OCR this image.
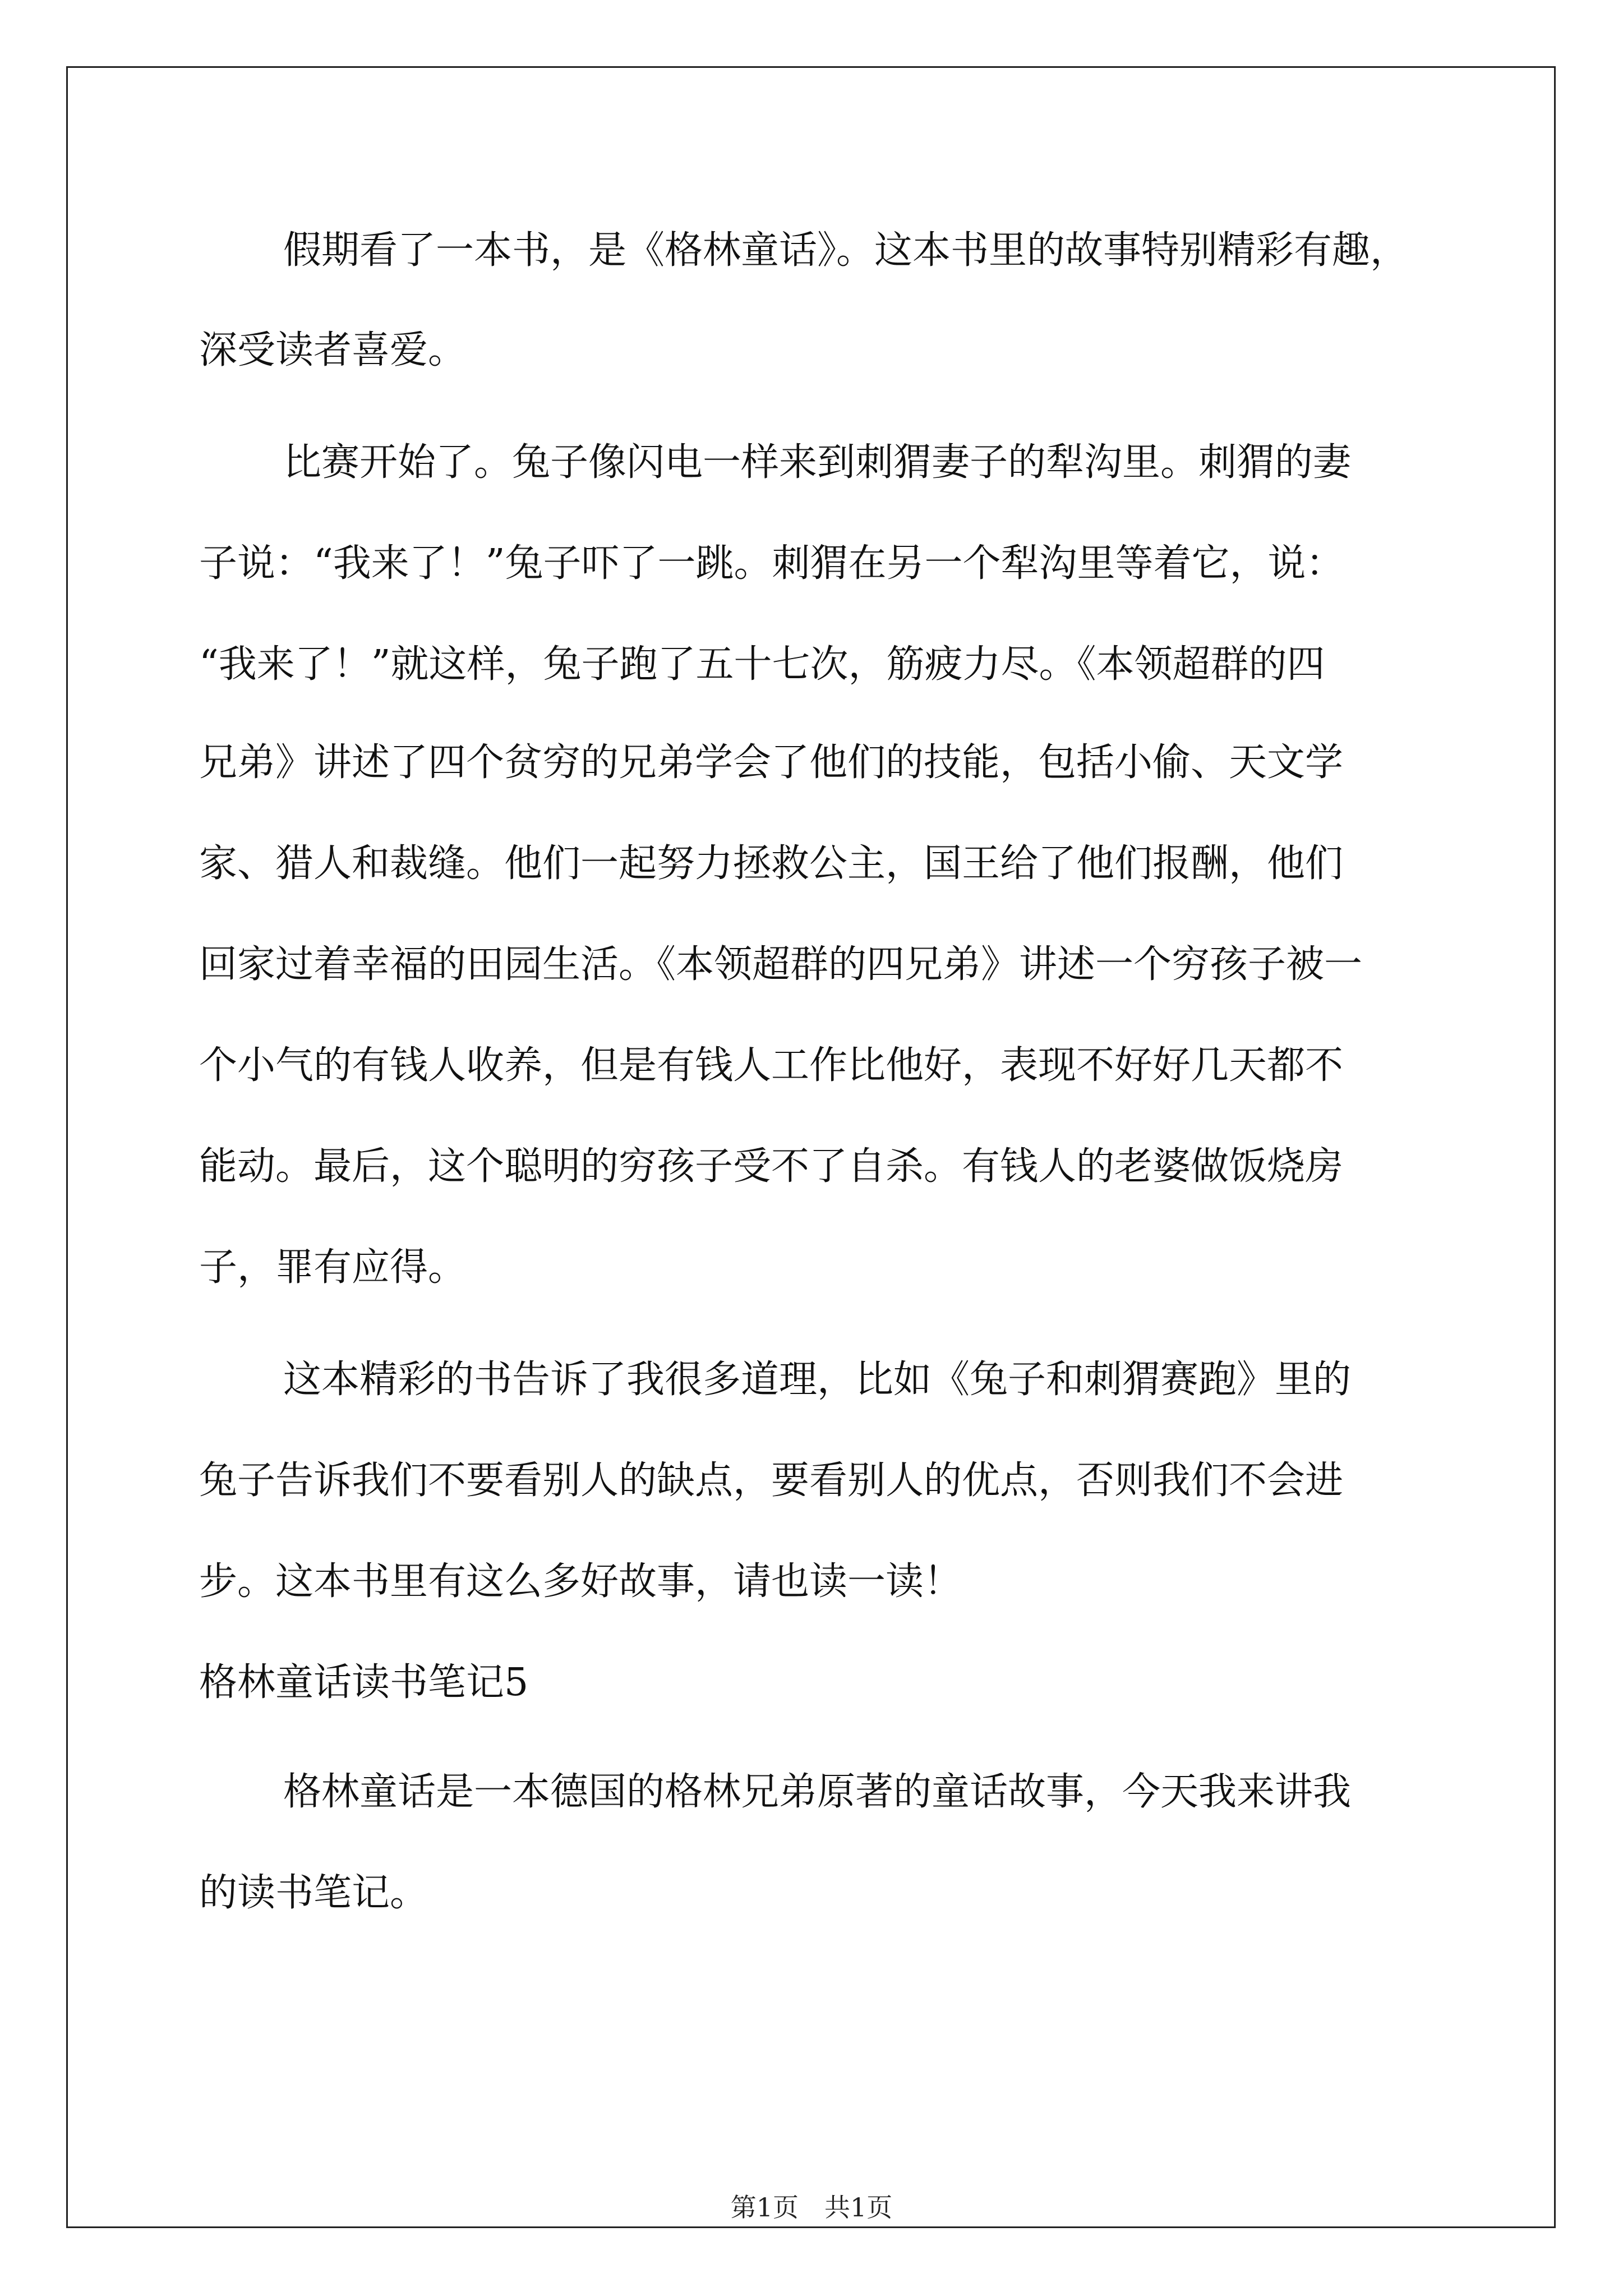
假期看了一本书，是《格林童话》。这本书里的故事特别精彩有趣，
深受读者喜爱。
比赛开始了。兔子像闪电一样来到刺猬妻子的犁沟里。刺猬的妻
子说：“我来了！”兔子吓了一跳。刺猬在另一个犁沟里等着它，说：
“我来了！”就这样，兔子跑了五十七次，筋疲力尽。《本领超群的四
兄弟》讲述了四个贫穷的兄弟学会了他们的技能，包括小偷、天文学
家、猎人和裁缝。他们一起努力拯救公主，国王给了他们报酬，他们
回家过着幸福的田园生活。《本领超群的四兄弟》讲述一个穷孩子被一
个小气的有钱人收养，但是有钱人工作比他好，表现不好好几天都不
能动。最后，这个聪明的穷孩子受不了自杀。有钱人的老婆做饭烧房
子，罪有应得。
这本精彩的书告诉了我很多道理，比如《兔子和刺猬赛跑》里的
兔子告诉我们不要看别人的缺点，要看别人的优点，否则我们不会进
步。这本书里有这么多好故事，请也读一读！
格林童话读书笔记5
格林童话是一本德国的格林兄弟原著的童话故事，今天我来讲我
的读书笔记。
第1页　共1页
